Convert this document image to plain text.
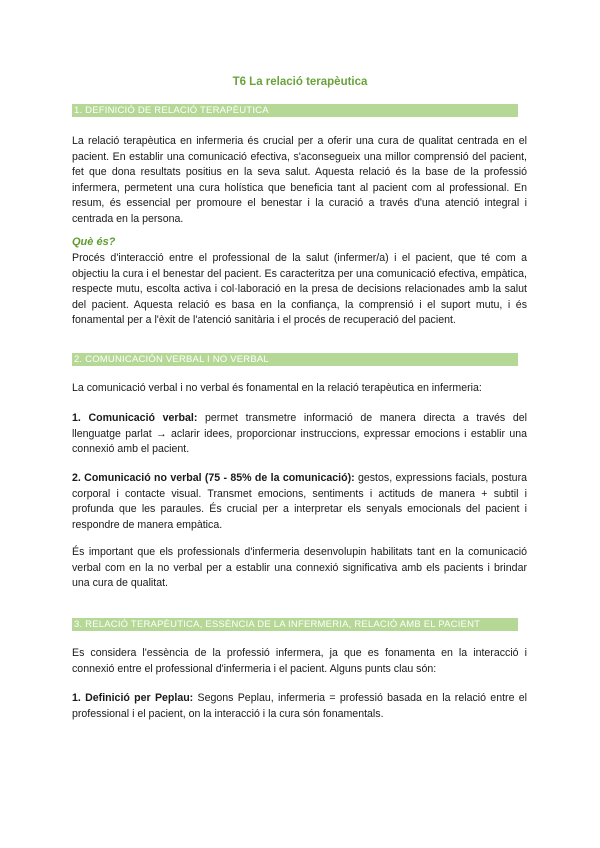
T6 La relació terapèutica
1. DEFINICIÓ DE RELACIÓ TERAPÈUTICA

La relació terapèutica en infermeria és crucial per a oferir una cura de qualitat centrada en el pacient. En establir una comunicació efectiva, s'aconsegueix una millor comprensió del pacient, fet que dona resultats positius en la seva salut. Aquesta relació és la base de la professió infermera, permetent una cura holística que beneficia tant al pacient com al professional. En resum, és essencial per promoure el benestar i la curació a través d'una atenció integral i centrada en la persona.

Què és?

Procés d'interacció entre el professional de la salut (infermer/a) i el pacient, que té com a objectiu la cura i el benestar del pacient. Es caracteritza per una comunicació efectiva, empàtica, respecte mutu, escolta activa i col·laboració en la presa de decisions relacionades amb la salut del pacient. Aquesta relació es basa en la confiança, la comprensió i el suport mutu, i és fonamental per a l'èxit de l'atenció sanitària i el procés de recuperació del pacient.

2. COMUNICACIÓN VERBAL I NO VERBAL

La comunicació verbal i no verbal és fonamental en la relació terapèutica en infermeria:

1. Comunicació verbal: permet transmetre informació de manera directa a través del llenguatge parlat → aclarir idees, proporcionar instruccions, expressar emocions i establir una connexió amb el pacient.

2. Comunicació no verbal (75 - 85% de la comunicació): gestos, expressions facials, postura corporal i contacte visual. Transmet emocions, sentiments i actituds de manera + subtil i profunda que les paraules. És crucial per a interpretar els senyals emocionals del pacient i respondre de manera empàtica.

És important que els professionals d'infermeria desenvolupin habilitats tant en la comunicació verbal com en la no verbal per a establir una connexió significativa amb els pacients i brindar una cura de qualitat.

3. RELACIÓ TERAPÈUTICA, ESSÈNCIA DE LA INFERMERIA, RELACIÓ AMB EL PACIENT

Es considera l'essència de la professió infermera, ja que es fonamenta en la interacció i connexió entre el professional d'infermeria i el pacient. Alguns punts clau són:

1. Definició per Peplau: Segons Peplau, infermeria = professió basada en la relació entre el professional i el pacient, on la interacció i la cura són fonamentals.
